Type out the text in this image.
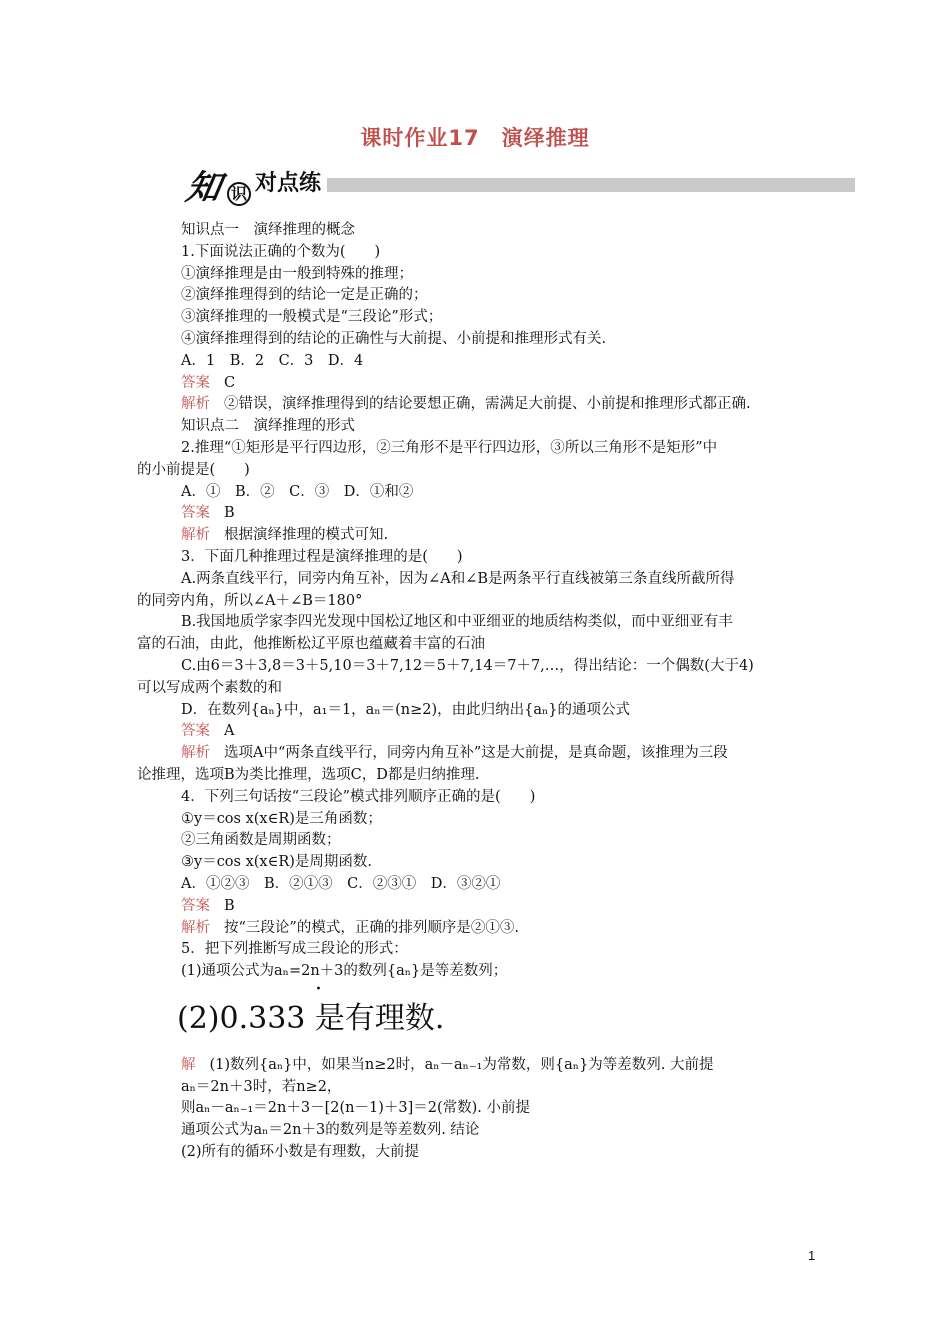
课时作业17　演绎推理
知 识 对点练
知识点一　演绎推理的概念
1.下面说法正确的个数为(　　)
①演绎推理是由一般到特殊的推理；
②演绎推理得到的结论一定是正确的；
③演绎推理的一般模式是“三段论”形式；
④演绎推理得到的结论的正确性与大前提、小前提和推理形式有关.
A．1　B．2　C．3　D．4
答案 C
解析 ②错误，演绎推理得到的结论要想正确，需满足大前提、小前提和推理形式都正确.
知识点二　演绎推理的形式
2.推理“①矩形是平行四边形，②三角形不是平行四边形，③所以三角形不是矩形”中
的小前提是(　　)
A．①　B．②　C．③　D．①和②
答案 B
解析 根据演绎推理的模式可知.
3．下面几种推理过程是演绎推理的是(　　)
A.两条直线平行，同旁内角互补，因为∠A和∠B是两条平行直线被第三条直线所截所得
的同旁内角，所以∠A＋∠B＝180°
B.我国地质学家李四光发现中国松辽地区和中亚细亚的地质结构类似，而中亚细亚有丰
富的石油，由此，他推断松辽平原也蕴藏着丰富的石油
C.由6＝3＋3,8＝3＋5,10＝3＋7,12＝5＋7,14＝7＋7,…，得出结论：一个偶数(大于4)
可以写成两个素数的和
D．在数列{aₙ}中，a₁＝1，aₙ＝(n≥2)，由此归纳出{aₙ}的通项公式
答案 A
解析 选项A中“两条直线平行，同旁内角互补”这是大前提，是真命题，该推理为三段
论推理，选项B为类比推理，选项C，D都是归纳推理.
4．下列三句话按“三段论”模式排列顺序正确的是(　　)
①y＝cos x(x∈R)是三角函数；
②三角函数是周期函数；
③y＝cos x(x∈R)是周期函数.
A．①②③　B．②①③　C．②③①　D．③②①
答案 B
解析 按“三段论”的模式，正确的排列顺序是②①③.
5．把下列推断写成三段论的形式：
(1)通项公式为aₙ=2n＋3的数列{aₙ}是等差数列；
·
(2)0.333 是有理数.
解 (1)数列{aₙ}中，如果当n≥2时，aₙ－aₙ₋₁为常数，则{aₙ}为等差数列. 大前提
aₙ＝2n＋3时，若n≥2，
则aₙ－aₙ₋₁＝2n＋3－[2(n－1)＋3]＝2(常数). 小前提
通项公式为aₙ＝2n＋3的数列是等差数列. 结论
(2)所有的循环小数是有理数，大前提
1
